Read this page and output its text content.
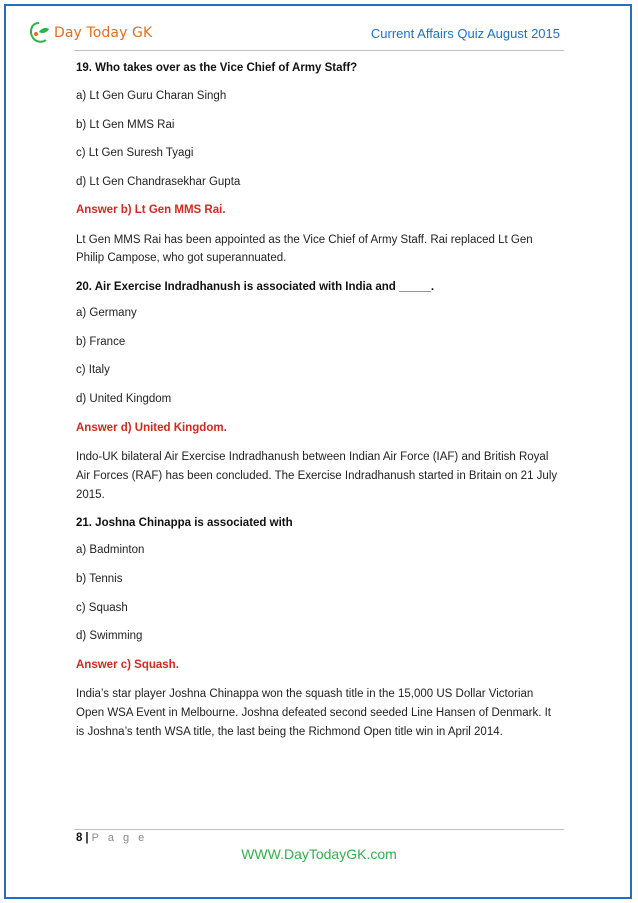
Day Today GK	Current Affairs Quiz August 2015

19. Who takes over as the Vice Chief of Army Staff?

a) Lt Gen Guru Charan Singh

b) Lt Gen MMS Rai

c) Lt Gen Suresh Tyagi

d) Lt Gen Chandrasekhar Gupta

Answer b) Lt Gen MMS Rai.

Lt Gen MMS Rai has been appointed as the Vice Chief of Army Staff. Rai replaced Lt Gen

Philip Campose, who got superannuated.

20. Air Exercise Indradhanush is associated with India and _____.

a) Germany

b) France

c) Italy

d) United Kingdom

Answer d) United Kingdom.

Indo-UK bilateral Air Exercise Indradhanush between Indian Air Force (IAF) and British Royal

Air Forces (RAF) has been concluded. The Exercise Indradhanush started in Britain on 21 July

2015.

21. Joshna Chinappa is associated with

a) Badminton

b) Tennis

c) Squash

d) Swimming

Answer c) Squash.

India’s star player Joshna Chinappa won the squash title in the 15,000 US Dollar Victorian

Open WSA Event in Melbourne. Joshna defeated second seeded Line Hansen of Denmark. It

is Joshna’s tenth WSA title, the last being the Richmond Open title win in April 2014.

8 | P a g e
WWW.DayTodayGK.com
